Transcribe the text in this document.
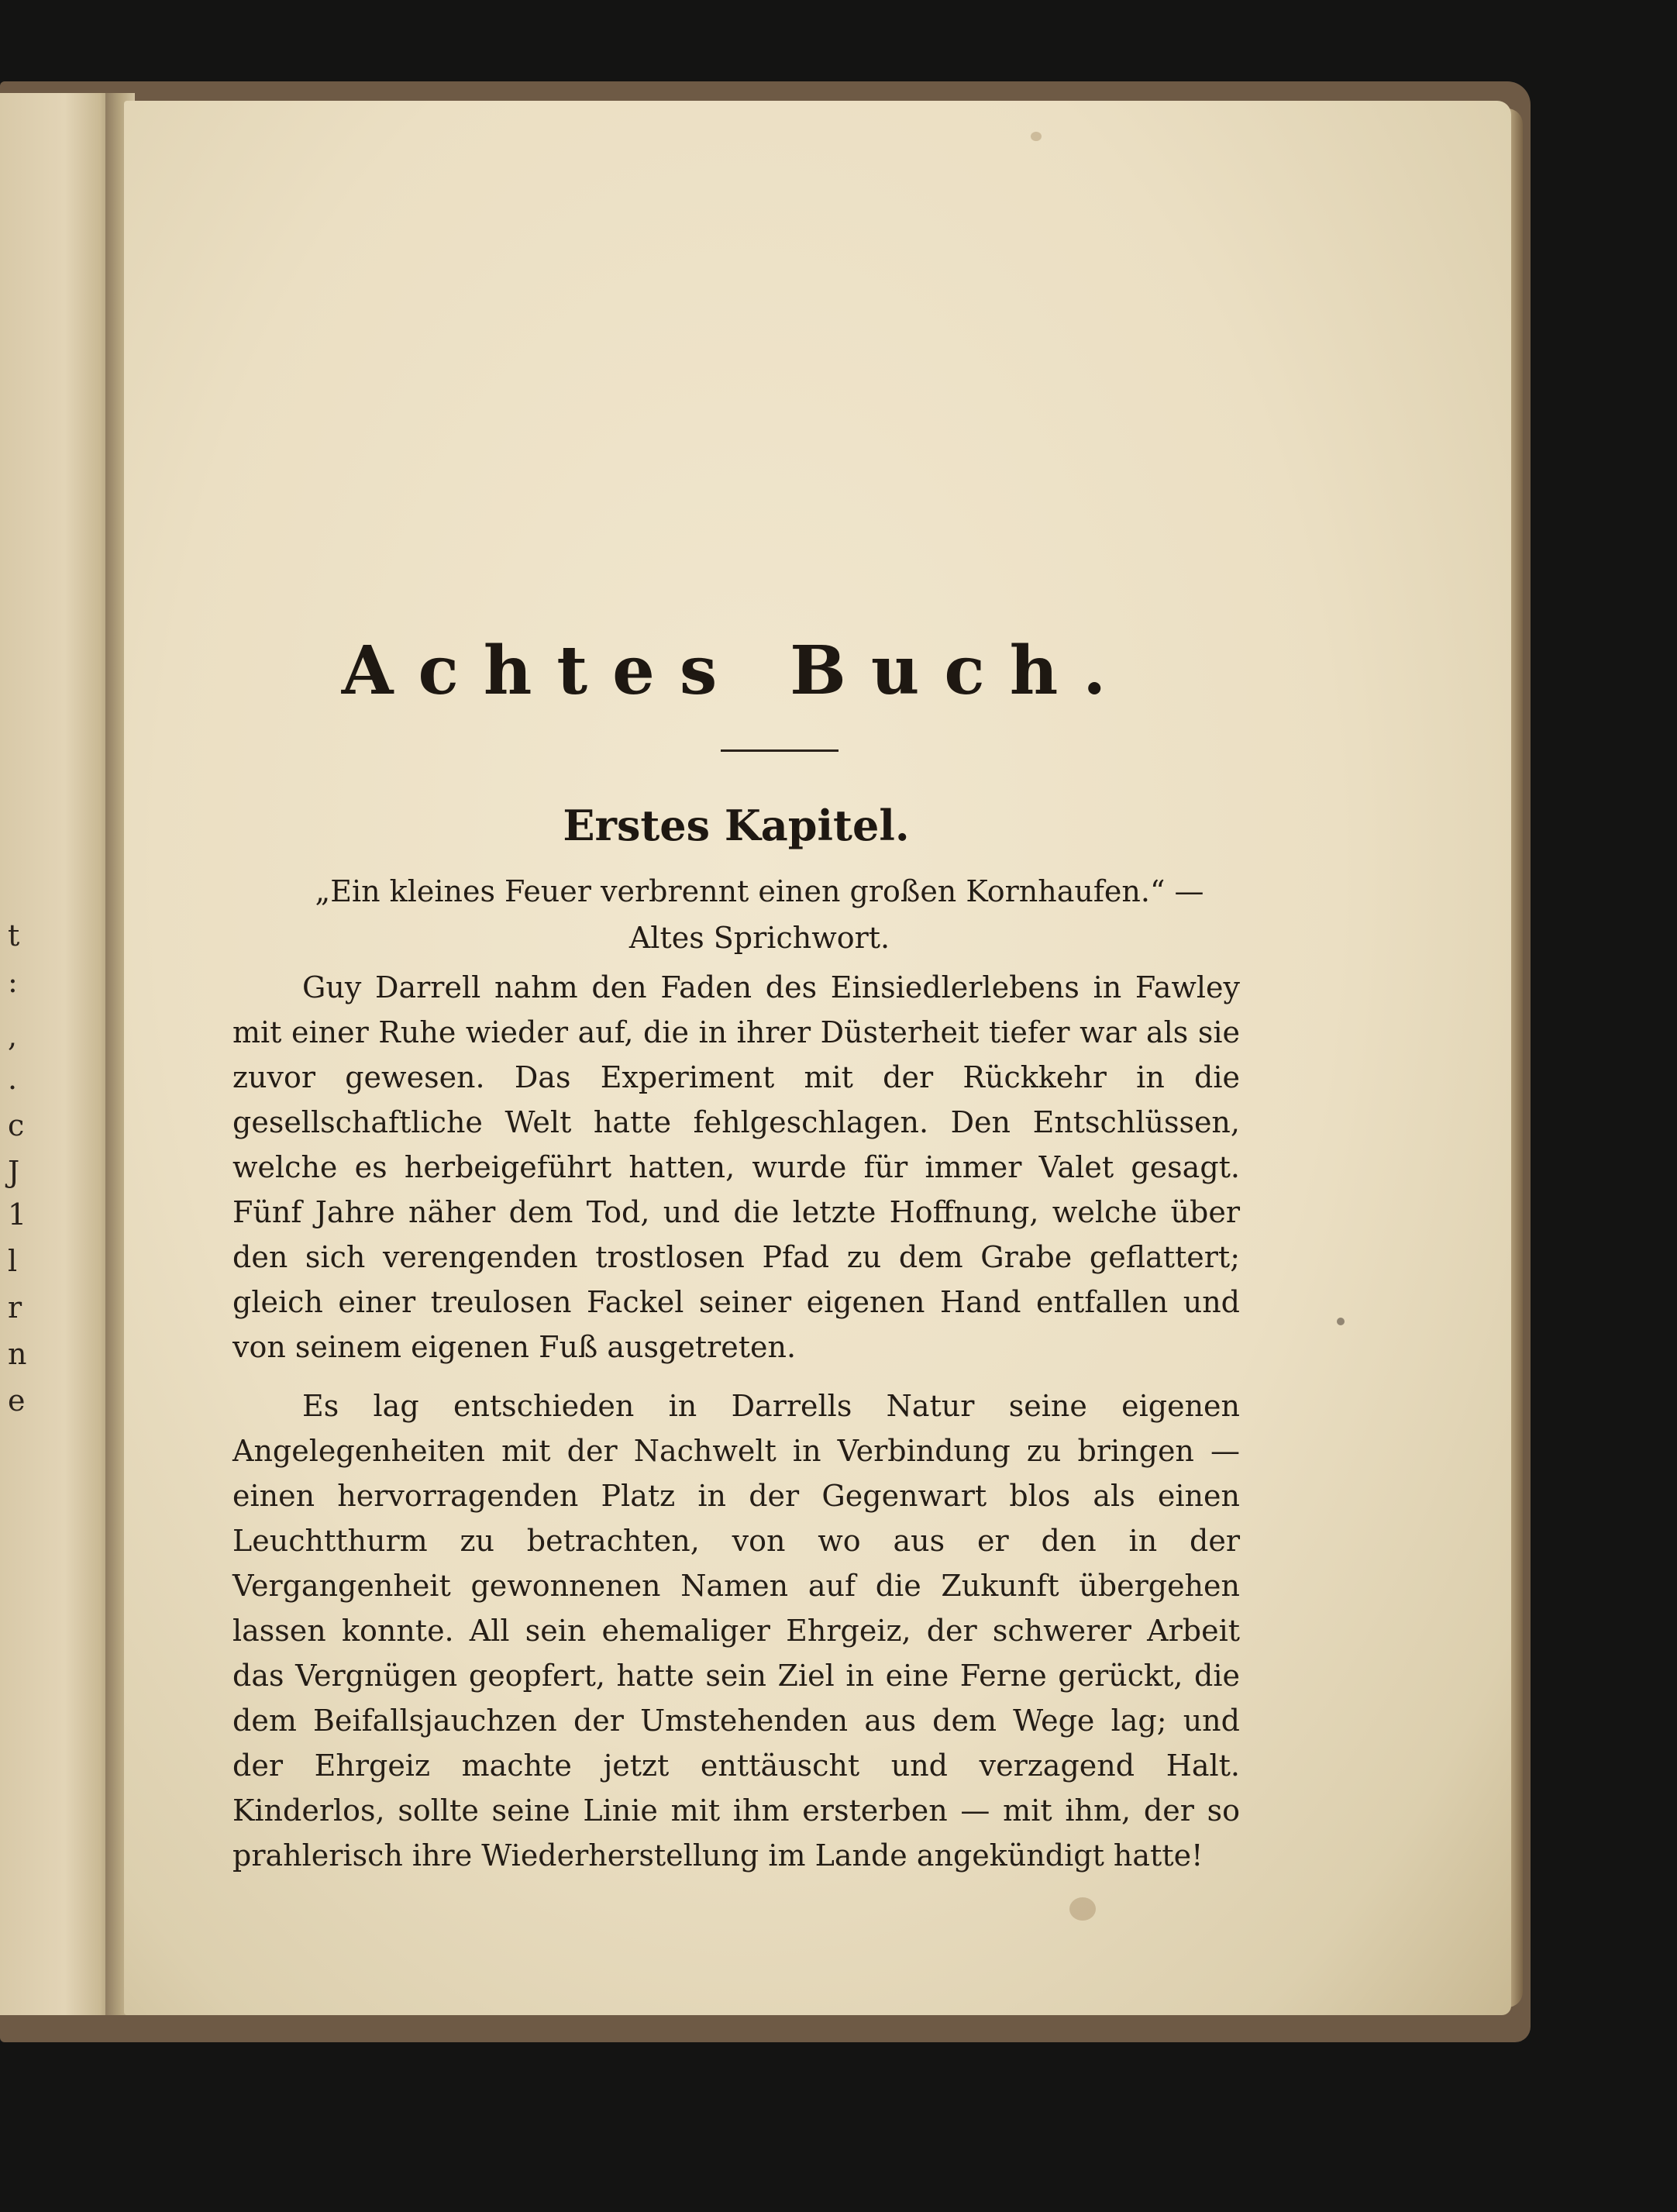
t
:
,
.
c
J
1
l
r
n
e
Achtes Buch.
Erstes Kapitel.
„Ein kleines Feuer verbrennt einen großen Kornhaufen.“ — Altes Sprichwort.
Guy Darrell nahm den Faden des Einsiedlerlebens in Fawley mit einer Ruhe wieder auf, die in ihrer Düsterheit tiefer war als sie zuvor gewesen. Das Experiment mit der Rückkehr in die gesellschaftliche Welt hatte fehlgeschlagen. Den Entschlüssen, welche es herbeigeführt hatten, wurde für immer Valet gesagt. Fünf Jahre näher dem Tod, und die letzte Hoffnung, welche über den sich verengenden trostlosen Pfad zu dem Grabe geflattert; gleich einer treulosen Fackel seiner eigenen Hand entfallen und von seinem eigenen Fuß ausgetreten.
Es lag entschieden in Darrells Natur seine eigenen Angelegenheiten mit der Nachwelt in Verbindung zu bringen — einen hervorragenden Platz in der Gegenwart blos als einen Leuchtthurm zu betrachten, von wo aus er den in der Vergangenheit gewonnenen Namen auf die Zukunft übergehen lassen konnte. All sein ehemaliger Ehrgeiz, der schwerer Arbeit das Vergnügen geopfert, hatte sein Ziel in eine Ferne gerückt, die dem Beifallsjauchzen der Umstehenden aus dem Wege lag; und der Ehrgeiz machte jetzt enttäuscht und verzagend Halt. Kinderlos, sollte seine Linie mit ihm ersterben — mit ihm, der so prahlerisch ihre Wiederherstellung im Lande angekündigt hatte!
